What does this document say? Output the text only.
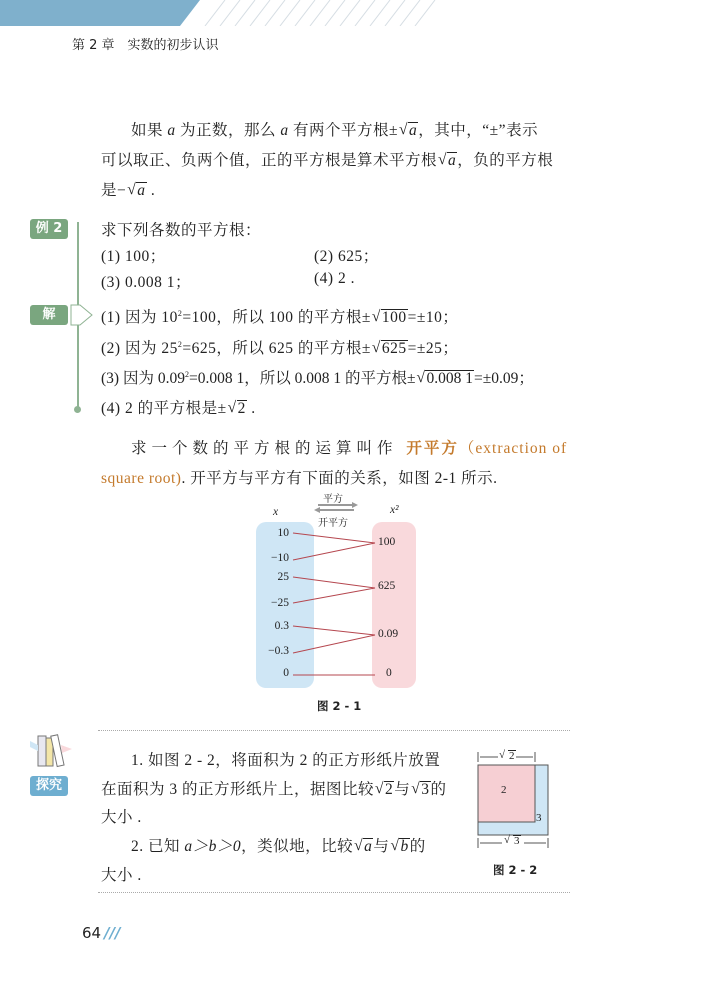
第 2 章　实数的初步认识
如果 a 为正数，那么 a 有两个平方根± √ a，其中，“±”表示
可以取正、负两个值，正的平方根是算术平方根 √ a，负的平方根
是− √ a .
例 2	求下列各数的平方根：
(1) 100；	(2) 625；
(3) 0.008 1；	(4) 2 .
解	(1) 因为 $10^2=100$，所以 100 的平方根± √ 100=±10；
(2) 因为 $25^2=625$，所以 625 的平方根± √ 625=±25；
(3) 因为 $0.09^2=0.008$ 1，所以 0.008 1 的平方根± √ 0.008 1=±0.09；
(4) 2 的平方根是± √ 2 .
求一个数的平方根的运算叫作 开平方（extraction of
square root). 开平方与平方有下面的关系，如图 2-1 所示.
x	x²
平方
开平方
10
−10
25
−25
0.3
−0.3
0
100
625
0.09
0
图 2 - 1
探究
1. 如图 2 - 2，将面积为 2 的正方形纸片放置
在面积为 3 的正方形纸片上，据图比较 √ 2与 √ 3的
大小 .
2. 已知 a＞b＞0，类似地，比较 √ a与 √ b的
大小 .
√ 2
2
3
√ 3
图 2 - 2
64 ///
